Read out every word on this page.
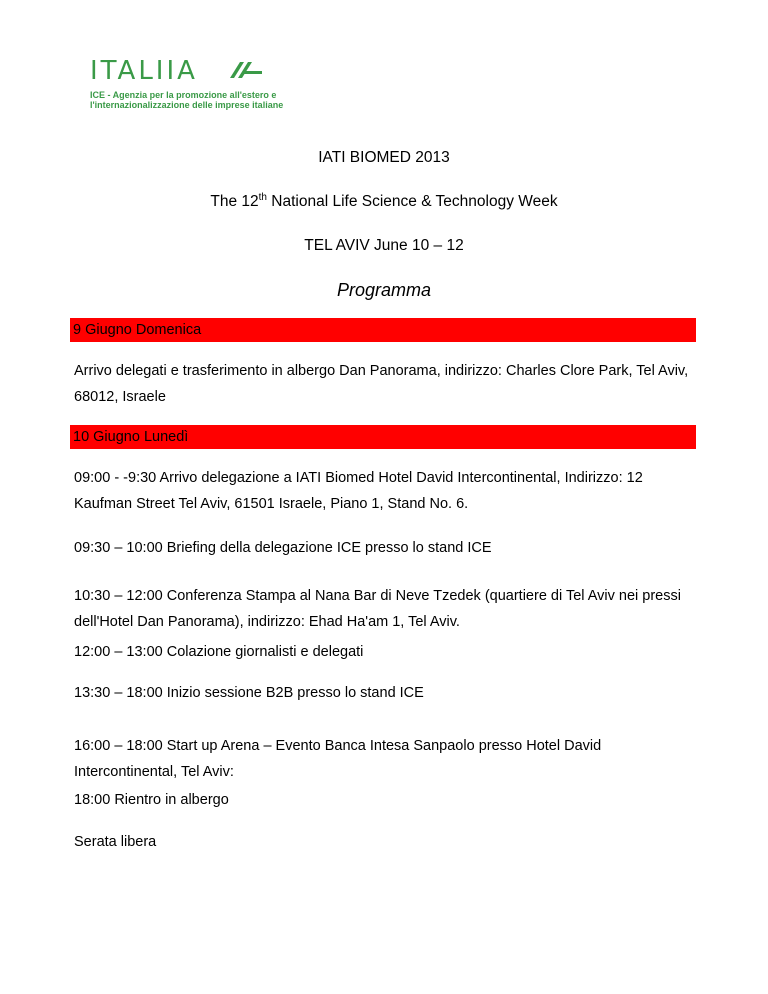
ITALIIA
ICE - Agenzia per la promozione all'estero e
l'internazionalizzazione delle imprese italiane
IATI BIOMED 2013
The 12th National Life Science & Technology Week
TEL AVIV June 10 – 12
Programma
9 Giugno Domenica
Arrivo delegati e trasferimento in albergo Dan Panorama, indirizzo: Charles Clore Park, Tel Aviv, 68012, Israele
10 Giugno Lunedì
09:00 - -9:30 Arrivo delegazione a IATI Biomed Hotel David Intercontinental, Indirizzo: 12 Kaufman Street Tel Aviv, 61501 Israele, Piano 1, Stand No. 6.
09:30 – 10:00 Briefing della delegazione ICE presso lo stand ICE
10:30 – 12:00 Conferenza Stampa al Nana Bar di Neve Tzedek (quartiere di Tel Aviv nei pressi dell'Hotel Dan Panorama), indirizzo: Ehad Ha'am 1, Tel Aviv.
12:00 – 13:00 Colazione giornalisti e delegati
13:30 – 18:00 Inizio sessione B2B presso lo stand ICE
16:00 – 18:00 Start up Arena – Evento Banca Intesa Sanpaolo presso Hotel David Intercontinental, Tel Aviv:
18:00 Rientro in albergo
Serata libera
